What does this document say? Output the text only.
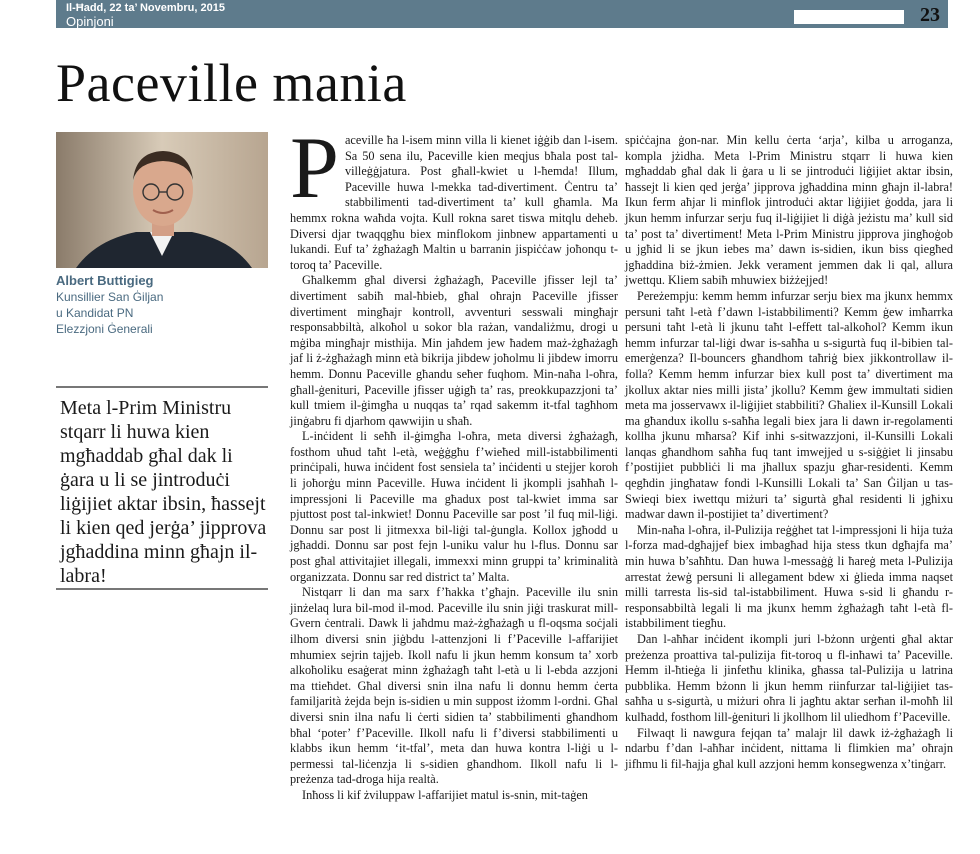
Il-Ħadd, 22 ta’ Novembru, 2015
Opinjoni	23
Paceville mania
Albert Buttigieg
Kunsillier San Ġiljan
u Kandidat PN
Elezzjoni Ġenerali

Meta l-Prim Ministru stqarr li huwa kien mgħaddab għal dak li ġara u li se jintroduċi liġijiet aktar ibsin, ħassejt li kien qed jerġa’ jipprova jgħaddina minn għajn il-labra!

Paceville ħa l-isem minn villa li kienet iġġib dan l-isem. Sa 50 sena ilu, Paceville kien meqjus bħala post tal-villeġġjatura. Post għall-kwiet u l-ħemda! Illum, Paceville huwa l-mekka tad-divertiment. Ċentru ta’ stabbilimenti tad-divertiment ta’ kull għamla. Ma hemmx rokna waħda vojta. Kull rokna saret tiswa mitqlu deheb. Diversi djar twaqqgħu biex minflokom jinbnew appartamenti u lukandi. Euf ta’ żgħażagħ Maltin u barranin jispiċċaw joħonqu t-toroq ta’ Paceville.

Għalkemm għal diversi żgħażagħ, Paceville jfisser lejl ta’ divertiment sabiħ mal-ħbieb, għal oħrajn Paceville jfisser divertiment mingħajr kontroll, avventuri sesswali mingħajr responsabbiltà, alkoħol u sokor bla rażan, vandaliżmu, drogi u mġiba mingħajr misthija. Min jaħdem jew ħadem maż-żgħażagħ jaf li ż-żgħażagħ minn età bikrija jibdew joħolmu li jibdew imorru hemm. Donnu Paceville għandu seħer fuqhom. Min-naħa l-oħra, għall-ġenituri, Paceville jfisser uġigħ ta’ ras, preokkupazzjoni ta’ kull tmiem il-ġimgħa u nuqqas ta’ rqad sakemm it-tfal tagħhom jinġabru fi djarhom qawwijin u sħaħ.

L-inċident li seħħ il-ġimgħa l-oħra, meta diversi żgħażagħ, fosthom uħud taħt l-età, weġġgħu f’wieħed mill-istabbilimenti prinċipali, huwa inċident fost sensiela ta’ inċidenti u stejjer koroh li joħorġu minn Paceville. Huwa inċident li jkompli jsaħħaħ l-impressjoni li Paceville ma għadux post tal-kwiet imma sar pjuttost post tal-inkwiet! Donnu Paceville sar post ’il fuq mil-liġi. Donnu sar post li jitmexxa bil-liġi tal-ġungla. Kollox jgħodd u jgħaddi. Donnu sar post fejn l-uniku valur hu l-flus. Donnu sar post għal attivitajiet illegali, immexxi minn gruppi ta’ kriminalità organizzata. Donnu sar red district ta’ Malta.

Nistqarr li dan ma sarx f’ħakka t’għajn. Paceville ilu snin jinżelaq lura bil-mod il-mod. Paceville ilu snin jiġi traskurat mill-Gvern ċentrali. Dawk li jaħdmu maż-żgħażagħ u fl-oqsma soċjali ilhom diversi snin jiġbdu l-attenzjoni li f’Paceville l-affarijiet mhumiex sejrin tajjeb. Ikoll nafu li jkun hemm konsum ta’ xorb alkoħoliku esaġerat minn żgħażagħ taħt l-età u li l-ebda azzjoni ma ttieħdet. Għal diversi snin ilna nafu li donnu hemm ċerta familjarità żejda bejn is-sidien u min suppost iżomm l-ordni. Għal diversi snin ilna nafu li ċerti sidien ta’ stabbilimenti għandhom bħal ‘poter’ f’Paceville. Ilkoll nafu li f’diversi stabbilimenti u klabbs ikun hemm ‘it-tfal’, meta dan huwa kontra l-liġi u l-permessi tal-liċenzja li s-sidien għandhom. Ilkoll nafu li l-preżenza tad-droga hija realtà.

Inħoss li kif żviluppaw l-affarijiet matul is-snin, mit-taġen

spiċċajna ġon-nar. Min kellu ċerta ‘arja’, kilba u arroganza, kompla jżidha. Meta l-Prim Ministru stqarr li huwa kien mgħaddab għal dak li ġara u li se jintroduċi liġijiet aktar ibsin, ħassejt li kien qed jerġa’ jipprova jgħaddina minn għajn il-labra! Ikun ferm aħjar li minflok jintroduċi aktar liġijiet ġodda, jara li jkun hemm infurzar serju fuq il-liġijiet li diġà jeżistu ma’ kull sid ta’ post ta’ divertiment! Meta l-Prim Ministru jipprova jingħoġob u jgħid li se jkun iebes ma’ dawn is-sidien, ikun biss qiegħed jgħaddina biż-żmien. Jekk verament jemmen dak li qal, allura jwettqu. Kliem sabiħ mhuwiex biżżejjed!

Pereżempju: kemm hemm infurzar serju biex ma jkunx hemmx persuni taħt l-età f’dawn l-istabbilimenti? Kemm ġew imħarrka persuni taħt l-età li jkunu taħt l-effett tal-alkoħol? Kemm ikun hemm infurzar tal-liġi dwar is-saħħa u s-sigurtà fuq il-bibien tal-emerġenza? Il-bouncers għandhom taħriġ biex jikkontrollaw il-folla? Kemm hemm infurzar biex kull post ta’ divertiment ma jkollux aktar nies milli jista’ jkollu? Kemm ġew immultati sidien meta ma josservawx il-liġijiet stabbiliti? Għaliex il-Kunsill Lokali ma għandux ikollu s-saħħa legali biex jara li dawn ir-regolamenti kollha jkunu mħarsa? Kif inhi s-sitwazzjoni, il-Kunsilli Lokali lanqas għandhom saħħa fuq tant imwejjed u s-siġġiet li jinsabu f’postijiet pubbliċi li ma jħallux spazju għar-residenti. Kemm qegħdin jingħataw fondi l-Kunsilli Lokali ta’ San Ġiljan u tas-Swieqi biex iwettqu miżuri ta’ sigurtà għal residenti li jgħixu madwar dawn il-postijiet ta’ divertiment?

Min-naħa l-oħra, il-Pulizija reġġhet tat l-impressjoni li hija tuża l-forza mad-dgħajjef biex imbagħad hija stess tkun dgħajfa ma’ min huwa b’saħħtu. Dan huwa l-messaġġ li ħareġ meta l-Pulizija arrestat żewġ persuni li allegament bdew xi ġlieda imma naqset milli tarresta lis-sid tal-istabbiliment. Huwa s-sid li għandu r-responsabbiltà legali li ma jkunx hemm żgħażagħ taħt l-età fl-istabbiliment tiegħu.

Dan l-aħħar inċident ikompli juri l-bżonn urġenti għal aktar preżenza proattiva tal-pulizija fit-toroq u fl-inħawi ta’ Paceville. Hemm il-ħtieġa li jinfetħu klinika, għassa tal-Pulizija u latrina pubblika. Hemm bżonn li jkun hemm riinfurzar tal-liġijiet tas-saħħa u s-sigurtà, u miżuri oħra li jagħtu aktar serħan il-moħħ lil kulħadd, fosthom lill-ġenituri li jkollhom lil uliedhom f’Paceville.

Filwaqt li nawgura fejqan ta’ malajr lil dawk iż-żgħażagħ li ndarbu f’dan l-aħħar inċident, nittama li flimkien ma’ oħrajn jifhmu li fil-ħajja għal kull azzjoni hemm konsegwenza x’tinġarr.
